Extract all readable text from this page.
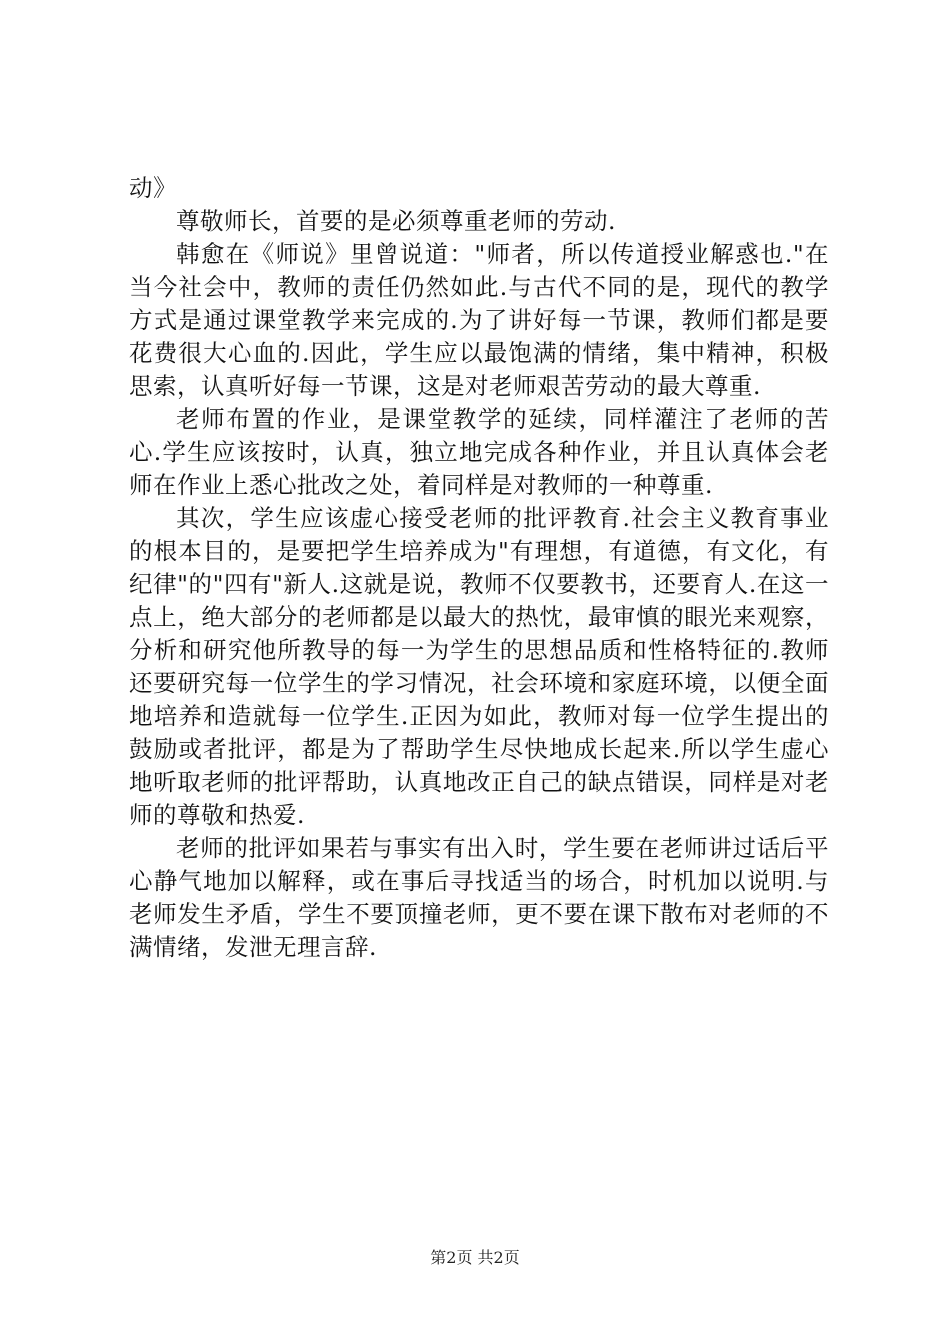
动》

尊敬师长，首要的是必须尊重老师的劳动.

韩愈在《师说》里曾说道："师者，所以传道授业解惑也."在当今社会中，教师的责任仍然如此.与古代不同的是，现代的教学方式是通过课堂教学来完成的.为了讲好每一节课，教师们都是要花费很大心血的.因此，学生应以最饱满的情绪，集中精神，积极思索，认真听好每一节课，这是对老师艰苦劳动的最大尊重.

老师布置的作业，是课堂教学的延续，同样灌注了老师的苦心.学生应该按时，认真，独立地完成各种作业，并且认真体会老师在作业上悉心批改之处，着同样是对教师的一种尊重.

其次，学生应该虚心接受老师的批评教育.社会主义教育事业的根本目的，是要把学生培养成为"有理想，有道德，有文化，有纪律"的"四有"新人.这就是说，教师不仅要教书，还要育人.在这一点上，绝大部分的老师都是以最大的热忱，最审慎的眼光来观察，分析和研究他所教导的每一为学生的思想品质和性格特征的.教师还要研究每一位学生的学习情况，社会环境和家庭环境，以便全面地培养和造就每一位学生.正因为如此，教师对每一位学生提出的鼓励或者批评，都是为了帮助学生尽快地成长起来.所以学生虚心地听取老师的批评帮助，认真地改正自己的缺点错误，同样是对老师的尊敬和热爱.

老师的批评如果若与事实有出入时，学生要在老师讲过话后平心静气地加以解释，或在事后寻找适当的场合，时机加以说明.与老师发生矛盾，学生不要顶撞老师，更不要在课下散布对老师的不满情绪，发泄无理言辞.

第2页 共2页
